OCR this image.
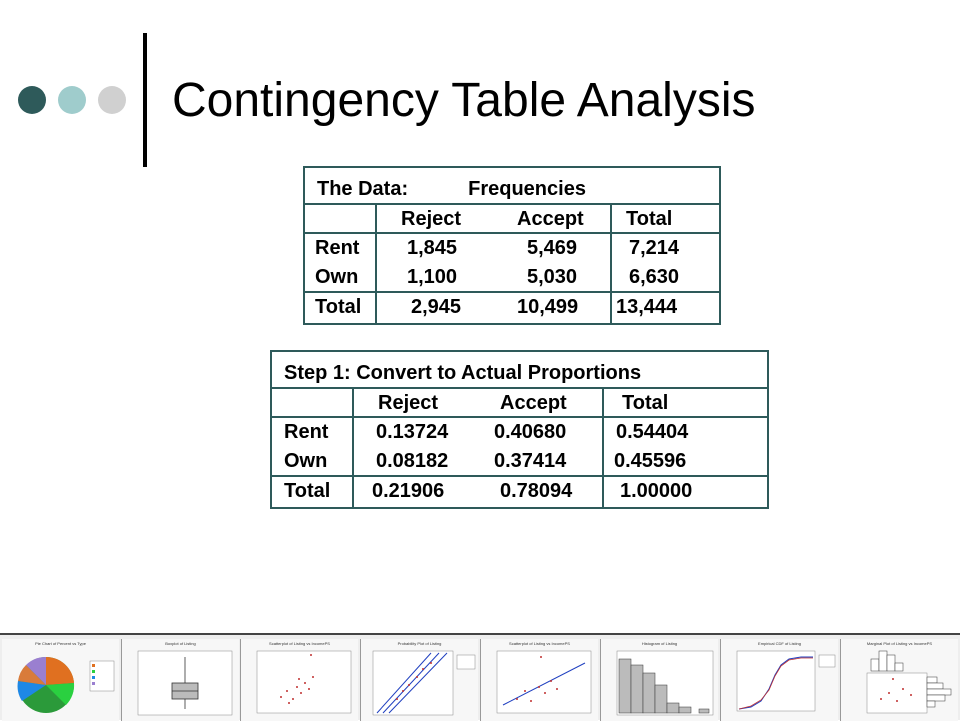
Contingency Table Analysis
The Data:	Frequencies
Reject	Accept Total
Rent 1,845	5,469	7,214
Own 1,100	5,030	6,630
Total 2,945	10,499 13,444
Step 1: Convert to Actual Proportions
Reject	Accept	Total
Rent 0.13724 0.40680 0.54404
Own 0.08182 0.37414 0.45596
Total 0.21906	0.78094 1.00000
Pie Chart of Percent vs Type	Boxplot of Listing	Scatterplot of Listing vs IncomePS	Probability Plot of Listing	Scatterplot of Listing vs IncomePS	Histogram of Listing	Empirical CDF of Listing	Marginal Plot of Listing vs IncomePS
